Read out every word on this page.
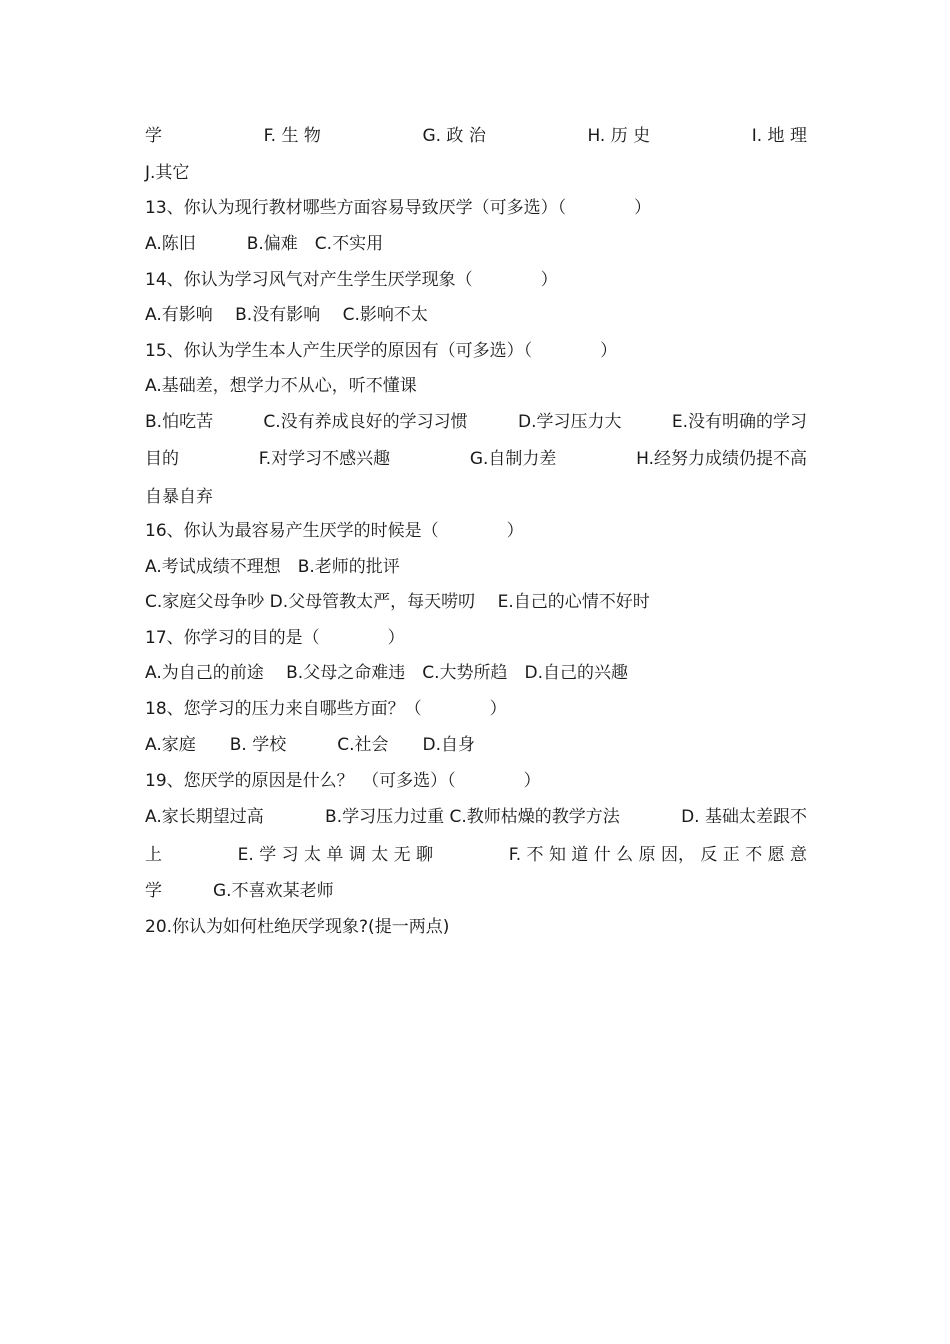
学	F. 生 物	G. 政 治	H. 历 史	I. 地 理
J.其它
13、你认为现行教材哪些方面容易导致厌学（可多选）（　　　　）
A.陈旧　　　B.偏难　C.不实用
14、你认为学习风气对产生学生厌学现象（　　　　）
A.有影响　 B.没有影响　 C.影响不太
15、你认为学生本人产生厌学的原因有（可多选）（　　　　）
A.基础差，想学力不从心，听不懂课
B.怕吃苦	C.没有养成良好的学习习惯	D.学习压力大	E.没有明确的学习
目的	F.对学习不感兴趣	G.自制力差	H.经努力成绩仍提不高
自暴自弃
16、你认为最容易产生厌学的时候是（　　　　）
A.考试成绩不理想　B.老师的批评
C.家庭父母争吵 D.父母管教太严，每天唠叨　 E.自己的心情不好时
17、你学习的目的是（　　　　）
A.为自己的前途　 B.父母之命难违　C.大势所趋　D.自己的兴趣
18、您学习的压力来自哪些方面？（　　　　）
A.家庭　　B. 学校　　　C.社会　　D.自身
19、您厌学的原因是什么？　（可多选）（　　　　）
A.家长期望过高	B.学习压力过重 C.教师枯燥的教学方法	D. 基础太差跟不
上	E. 学 习 太 单 调 太 无 聊	F. 不 知 道 什 么 原 因， 反 正 不 愿 意
学　　　G.不喜欢某老师
20.你认为如何杜绝厌学现象?(提一两点)
